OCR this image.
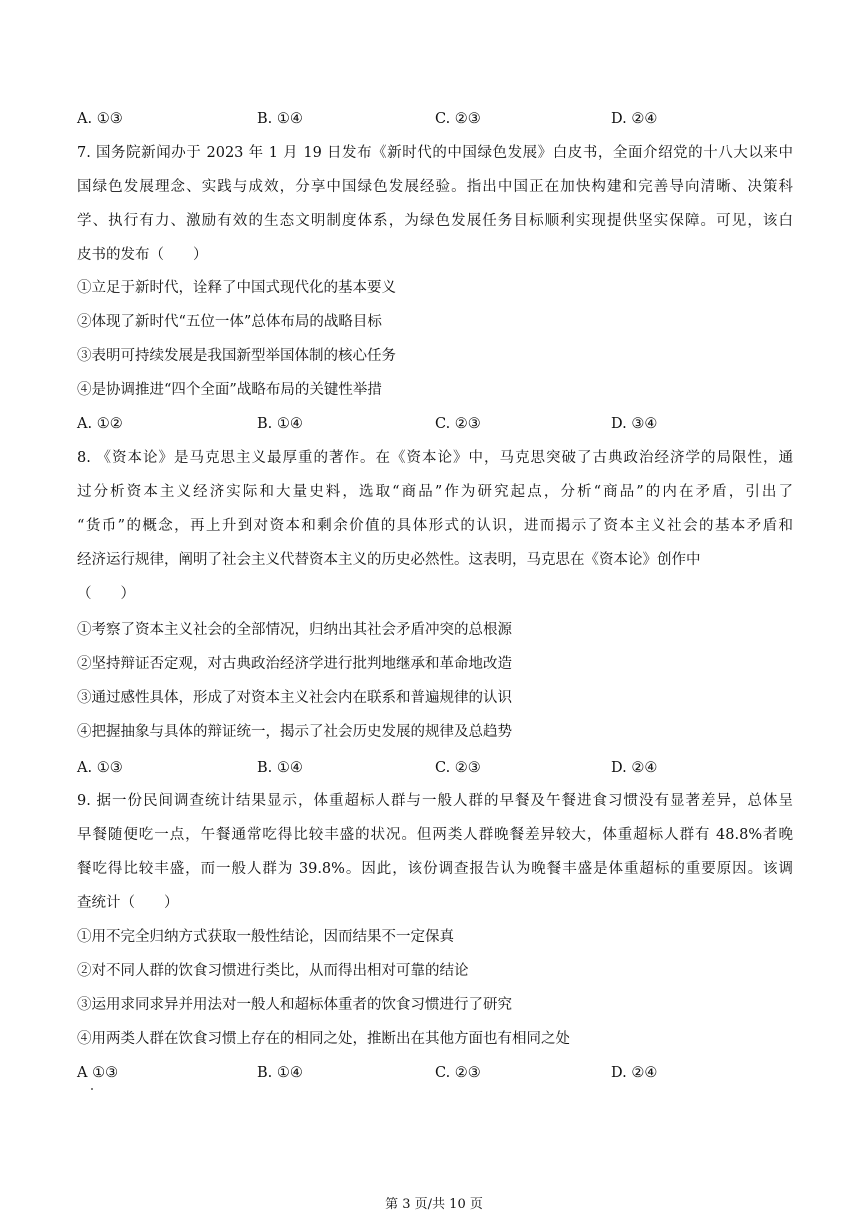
A. ①③	B. ①④	C. ②③	D. ②④
7. 国务院新闻办于 2023 年 1 月 19 日发布《新时代的中国绿色发展》白皮书，全面介绍党的十八大以来中
国绿色发展理念、实践与成效，分享中国绿色发展经验。指出中国正在加快构建和完善导向清晰、决策科
学、执行有力、激励有效的生态文明制度体系，为绿色发展任务目标顺利实现提供坚实保障。可见，该白
皮书的发布（　　）
①立足于新时代，诠释了中国式现代化的基本要义
②体现了新时代“五位一体”总体布局的战略目标
③表明可持续发展是我国新型举国体制的核心任务
④是协调推进“四个全面”战略布局的关键性举措
A. ①②	B. ①④	C. ②③	D. ③④
8. 《资本论》是马克思主义最厚重的著作。在《资本论》中，马克思突破了古典政治经济学的局限性，通
过分析资本主义经济实际和大量史料，选取“商品”作为研究起点，分析“商品”的内在矛盾，引出了
“货币”的概念，再上升到对资本和剩余价值的具体形式的认识，进而揭示了资本主义社会的基本矛盾和
经济运行规律，阐明了社会主义代替资本主义的历史必然性。这表明，马克思在《资本论》创作中
（　　）
①考察了资本主义社会的全部情况，归纳出其社会矛盾冲突的总根源
②坚持辩证否定观，对古典政治经济学进行批判地继承和革命地改造
③通过感性具体，形成了对资本主义社会内在联系和普遍规律的认识
④把握抽象与具体的辩证统一，揭示了社会历史发展的规律及总趋势
A. ①③	B. ①④	C. ②③	D. ②④
9. 据一份民间调查统计结果显示，体重超标人群与一般人群的早餐及午餐进食习惯没有显著差异，总体呈
早餐随便吃一点，午餐通常吃得比较丰盛的状况。但两类人群晚餐差异较大，体重超标人群有 48.8%者晚
餐吃得比较丰盛，而一般人群为 39.8%。因此，该份调查报告认为晚餐丰盛是体重超标的重要原因。该调
查统计（　　）
①用不完全归纳方式获取一般性结论，因而结果不一定保真
②对不同人群的饮食习惯进行类比，从而得出相对可靠的结论
③运用求同求异并用法对一般人和超标体重者的饮食习惯进行了研究
④用两类人群在饮食习惯上存在的相同之处，推断出在其他方面也有相同之处
A ①③	B. ①④	C. ②③	D. ②④
第 3 页/共 10 页
